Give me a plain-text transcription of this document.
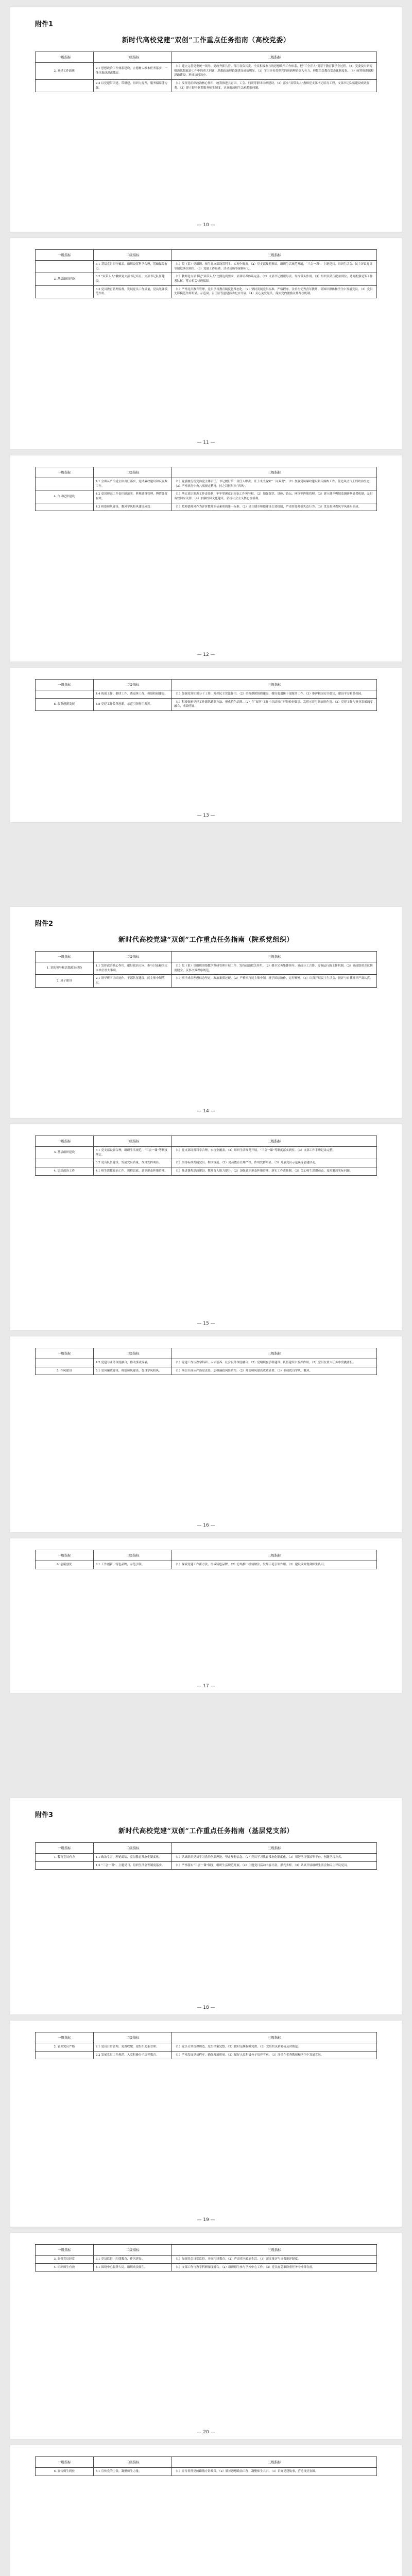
附件1
新时代高校党建“双创”工作重点任务指南（高校党委）
一级指标	二级指标	三级指标
2. 党建工作载体	2.1 思想政治工作体系建设，立德树人根本任务落实，一体化推进思政教育。	（1）建立完善党委统一领导、党政齐抓共管、部门各负其责、全员积极参与的思想政治工作体系，把“三全育人”贯穿于教育教学全过程。（2）党委及时研究解决思想政治工作中的重大问题，思想政治理论课建设成效明显。（3）学习宣传贯彻党的创新理论深入有力，理想信念教育常态化制度化。（4）统筹推进课程思政建设，形成协同效应。
	2.2 以党建带团建、带群建，组织力提升，服务保障能力强。	（1）发挥党组织政治核心作用，统筹推进共青团、工会、妇联等群团组织建设。（2）落实“双带头人”教师党支部书记培育工程，支部书记队伍建设成效显著。（3）建立健全联系服务师生制度，认真解决师生急难愁盼问题。
— 10 —
一级指标	二级指标	三级指标
	3.1 基层党组织全覆盖，组织设置科学合理，基础保障有力。	（1）院（系）党组织、师生党支部设置科学，实现全覆盖。（2）党支部按期换届，组织生活规范开展，“三会一课”、主题党日、组织生活会、民主评议党员等制度落实到位。（3）党建工作经费、活动场所等保障有力。
3. 基层组织建设	3.2 “双带头人”教师党支部书记培育，支部书记队伍建设。	（1）教师党支部书记“双带头人”比例达到要求，培训培养体系完善。（2）支部书记履职尽责，发挥带头作用。（3）组织员队伍配备到位，选好配强党务工作者队伍，落实相关待遇保障。
	3.3 党员教育管理监督，发展党员工作质量，党员先锋模范作用。	（1）严格党员教育管理，党员学习教育制度化常态化。（2）坚持发展党员标准，严格程序，注重在优秀青年教师、高知识群体和学生中发展党员。（3）党员先锋模范作用明显，示范岗、责任区等创建活动扎实开展。（4）关心关爱党员，落实党内激励关怀帮扶机制。
— 11 —
一级指标	二级指标	三级指标
	4.1 全面从严治党主体责任落实，党风廉政建设和反腐败工作。	（1）党委履行管党治党主体责任，书记履行第一责任人职责，班子成员落实“一岗双责”。（2）加强党风廉政建设和反腐败工作，营造风清气正的政治生态。（3）严格执行中央八项规定精神，持之以恒纠治“四风”。
4. 作风纪律建设	4.2 意识形态工作责任制落实，阵地建设管理，舆情处置有效。	（1）落实意识形态工作责任制，牢牢掌握意识形态工作领导权。（2）加强课堂、讲座、论坛、网络等阵地管理。（3）建立健全舆情监测研判处置机制，及时有效回应关切。（4）加强校园文化建设，弘扬社会主义核心价值观。
	4.3 师德师风建设，教风学风校风建设成效。	（1）把师德师风作为评价教师队伍素质的第一标准。（2）建立健全师德建设长效机制，严肃查处师德失范行为。（3）优良校风教风学风逐步形成。
— 12 —
一级指标	二级指标	三级指标
	4.4 统战工作、群团工作、离退休工作，和谐校园建设。	（1）加强党外知识分子工作，发挥民主党派作用。（2）重视群团组织建设，做好离退休干部服务工作。（3）维护校园安全稳定，建设平安和谐校园。
5. 改革创新发展	4.5 党建工作改革创新，示范引领作用发挥。	（1）积极探索党建工作新思路新方法，形成特色品牌。（2）在“双创”工作中总结推广好经验好做法，发挥示范引领辐射作用。（3）党建工作与事业发展深度融合，成效明显。
— 13 —
附件2
新时代高校党建“双创”工作重点任务指南（院系党组织）
一级指标	二级指标	三级指标
1. 党的领导和思想政治建设	1.1 发挥政治核心作用，把好政治方向，参与讨论和决定本单位重大事项。	（1）院（系）党组织围绕教学科研管理开展工作，发挥政治把关作用。（2）健全完善集体领导、党政分工合作、协调运行的工作机制。（3）党政联席会议制度健全，议事决策程序规范。
2. 班子建设	2.1 领导班子团结协作，干部队伍建设，民主集中制落实。	（1）班子成员理想信念坚定，政治素质过硬。（2）严格执行民主集中制，班子团结协作，运行顺畅。（3）认真开展民主生活会，批评与自我批评严肃认真。
— 14 —
一级指标	二级指标	三级指标
3. 基层组织建设	3.1 党支部设置合理，组织生活规范，“三会一课”等制度落实。	（1）党支部设置科学合理，实现全覆盖。（2）组织生活规范开展，“三会一课”等制度落实到位。（3）支部工作手册记录完整。
	3.2 党员队伍建设，发展党员质量，作用发挥明显。	（1）坚持标准发展党员，程序规范。（2）党员教育管理严格，作用发挥明显。（3）开展党员示范岗等创建活动。
4. 思想政治工作	4.1 师生思想政治工作，课程思政，意识形态阵地管理。	（1）推进课程思政建设，教师育人能力提升。（2）加强意识形态阵地管理，落实工作责任制。（3）关心师生思想动态，及时解决实际问题。
— 15 —
一级指标	二级指标	三级指标
	4.2 党建与业务深度融合，推动事业发展。	（1）党建工作与教学科研、人才培养、社会服务深度融合。（2）党组织在学科建设、队伍建设中发挥作用。（3）党员在重大任务中勇挑重担。
5. 作风建设	5.1 党风廉政建设，师德师风建设，优良学风校风。	（1）落实全面从严治党责任，加强廉政风险防控。（2）师德师风建设成效显著。（3）形成优良学风、教风。
— 16 —
一级指标	二级指标	三级指标
6. 创新创优	6.1 工作创新，特色品牌，示范引领。	（1）探索党建工作新方法，形成特色品牌。（2）总结推广经验做法，发挥示范引领作用。（3）建设成效得到师生认可。
— 17 —
附件3
新时代高校党建“双创”工作重点任务指南（基层党支部）
一级指标	二级指标	三级指标
1. 教育党员有力	1.1 政治学习，理论武装，党员教育常态化制度化。	（1）认真组织党员学习党的创新理论，坚定理想信念。（2）党员学习教育常态化制度化。（3）用好学习强国等平台，创新学习方式。
	1.2 “三会一课”、主题党日、组织生活会等制度落实。	（1）严格落实“三会一课”制度，组织生活规范开展。（2）主题党日活动内容丰富，形式多样。（3）认真开展组织生活会和民主评议党员。
— 18 —
一级指标	二级指标	三级指标
2. 管理党员严格	2.1 党员日常管理，党费收缴，党组织关系管理。	（1）党员日常管理规范，党员档案完整。（2）按时足额收缴党费。（3）党组织关系转接及时规范。
	2.2 发展党员工作规范，入党积极分子培养教育。	（1）严格发展党员程序，确保发展质量。（2）做好入党积极分子培养考察。（3）注重在优秀教师和学生中发展党员。
— 19 —
一级指标	二级指标	三级指标
3. 监督党员经常	3.1 党员监督，纪律教育，作风建设。	（1）加强党员日常监督，开展纪律教育。（2）严肃党内政治生活。（3）落实批评与自我批评制度。
4. 组织师生有效	4.1 围绕中心服务大局，组织动员师生。	（1）支部工作与教学科研深度融合。（2）组织师生参与学校中心工作。（3）党员在急难险重任务中冲锋在前。
— 20 —
一级指标	二级指标	三级指标
5. 宣传师生到位	5.1 宣传党的主张，凝聚师生力量。	（1）宣传贯彻党的路线方针政策。（2）做好思想政治工作，凝聚师生共识。（3）讲好党建故事，营造良好氛围。
